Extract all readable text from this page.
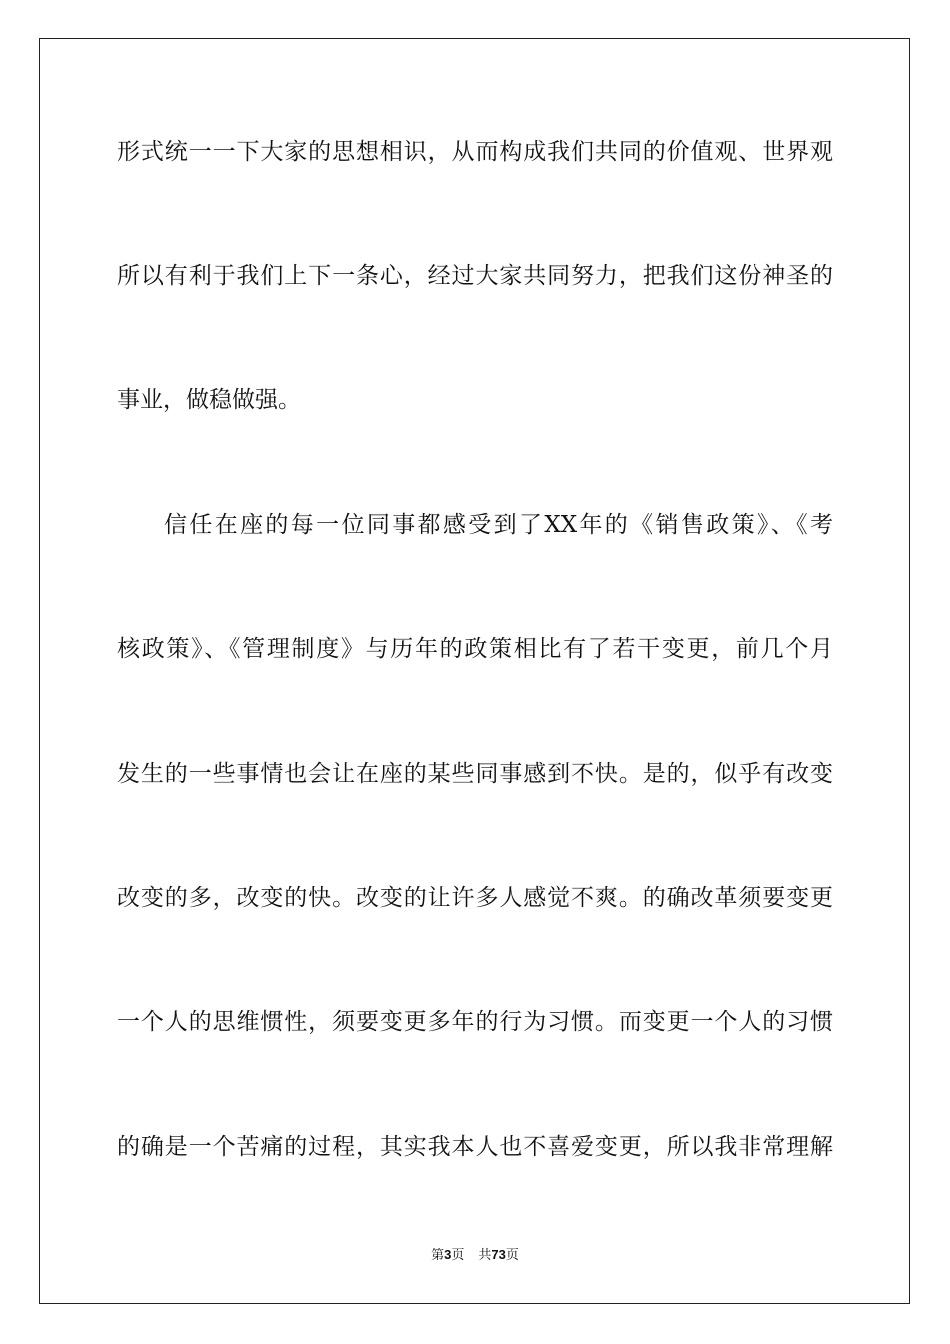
形式统一一下大家的思想相识，从而构成我们共同的价值观、世界观
所以有利于我们上下一条心，经过大家共同努力，把我们这份神圣的
事业，做稳做强。
信任在座的每一位同事都感受到了XX年的《销售政策》、《考
核政策》、《管理制度》与历年的政策相比有了若干变更，前几个月
发生的一些事情也会让在座的某些同事感到不快。是的，似乎有改变
改变的多，改变的快。改变的让许多人感觉不爽。的确改革须要变更
一个人的思维惯性，须要变更多年的行为习惯。而变更一个人的习惯
的确是一个苦痛的过程，其实我本人也不喜爱变更，所以我非常理解
第3页 共73页
